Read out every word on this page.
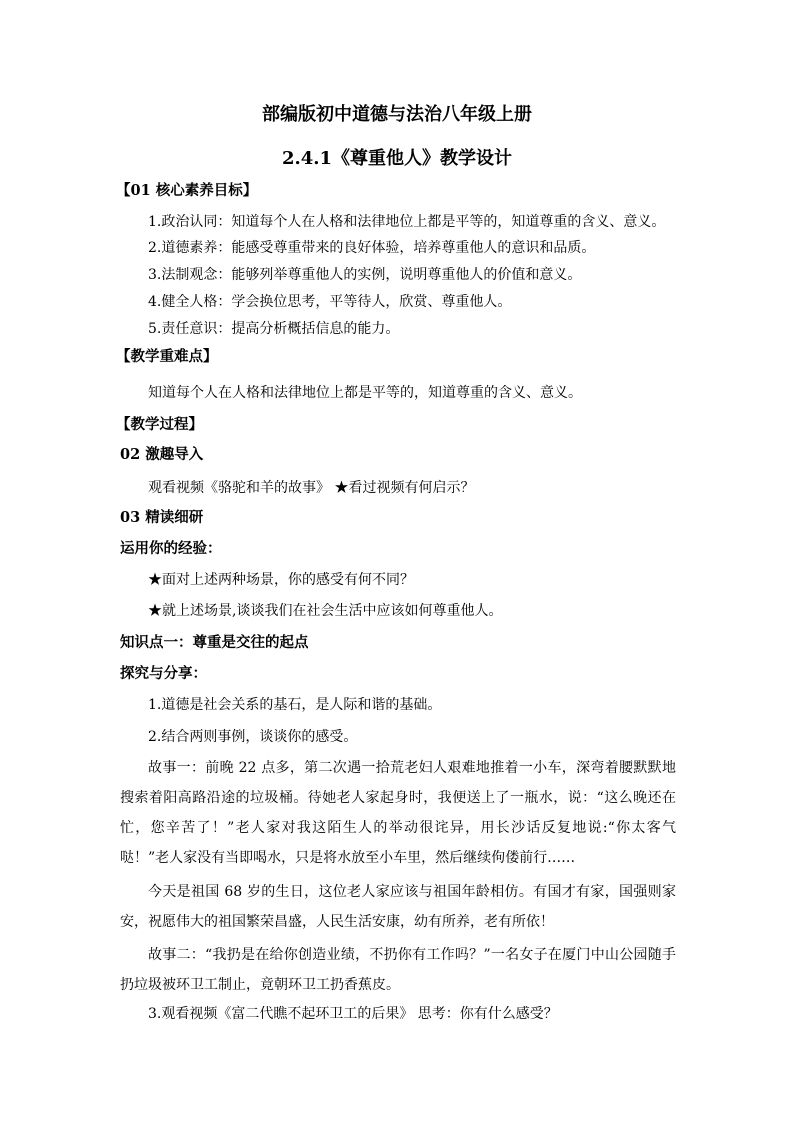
部编版初中道德与法治八年级上册
2.4.1《尊重他人》教学设计
【01 核心素养目标】
1.政治认同：知道每个人在人格和法律地位上都是平等的，知道尊重的含义、意义。
2.道德素养：能感受尊重带来的良好体验，培养尊重他人的意识和品质。
3.法制观念：能够列举尊重他人的实例，说明尊重他人的价值和意义。
4.健全人格：学会换位思考，平等待人，欣赏、尊重他人。
5.责任意识：提高分析概括信息的能力。
【教学重难点】
知道每个人在人格和法律地位上都是平等的，知道尊重的含义、意义。
【教学过程】
02 激趣导入
观看视频《骆驼和羊的故事》 ★看过视频有何启示？
03 精读细研
运用你的经验：
★面对上述两种场景，你的感受有何不同？
★就上述场景,谈谈我们在社会生活中应该如何尊重他人。
知识点一：尊重是交往的起点
探究与分享：
1.道德是社会关系的基石，是人际和谐的基础。
2.结合两则事例，谈谈你的感受。
故事一：前晚 22 点多，第二次遇一拾荒老妇人艰难地推着一小车，深弯着腰默默地搜索着阳高路沿途的垃圾桶。待她老人家起身时，我便送上了一瓶水，说：“这么晚还在忙，您辛苦了！”老人家对我这陌生人的举动很诧异，用长沙话反复地说:“你太客气哒！”老人家没有当即喝水，只是将水放至小车里，然后继续佝偻前行……
今天是祖国 68 岁的生日，这位老人家应该与祖国年龄相仿。有国才有家，国强则家安，祝愿伟大的祖国繁荣昌盛，人民生活安康，幼有所养，老有所依！
故事二：“我扔是在给你创造业绩，不扔你有工作吗？”一名女子在厦门中山公园随手扔垃圾被环卫工制止，竟朝环卫工扔香蕉皮。
3.观看视频《富二代瞧不起环卫工的后果》 思考：你有什么感受？
